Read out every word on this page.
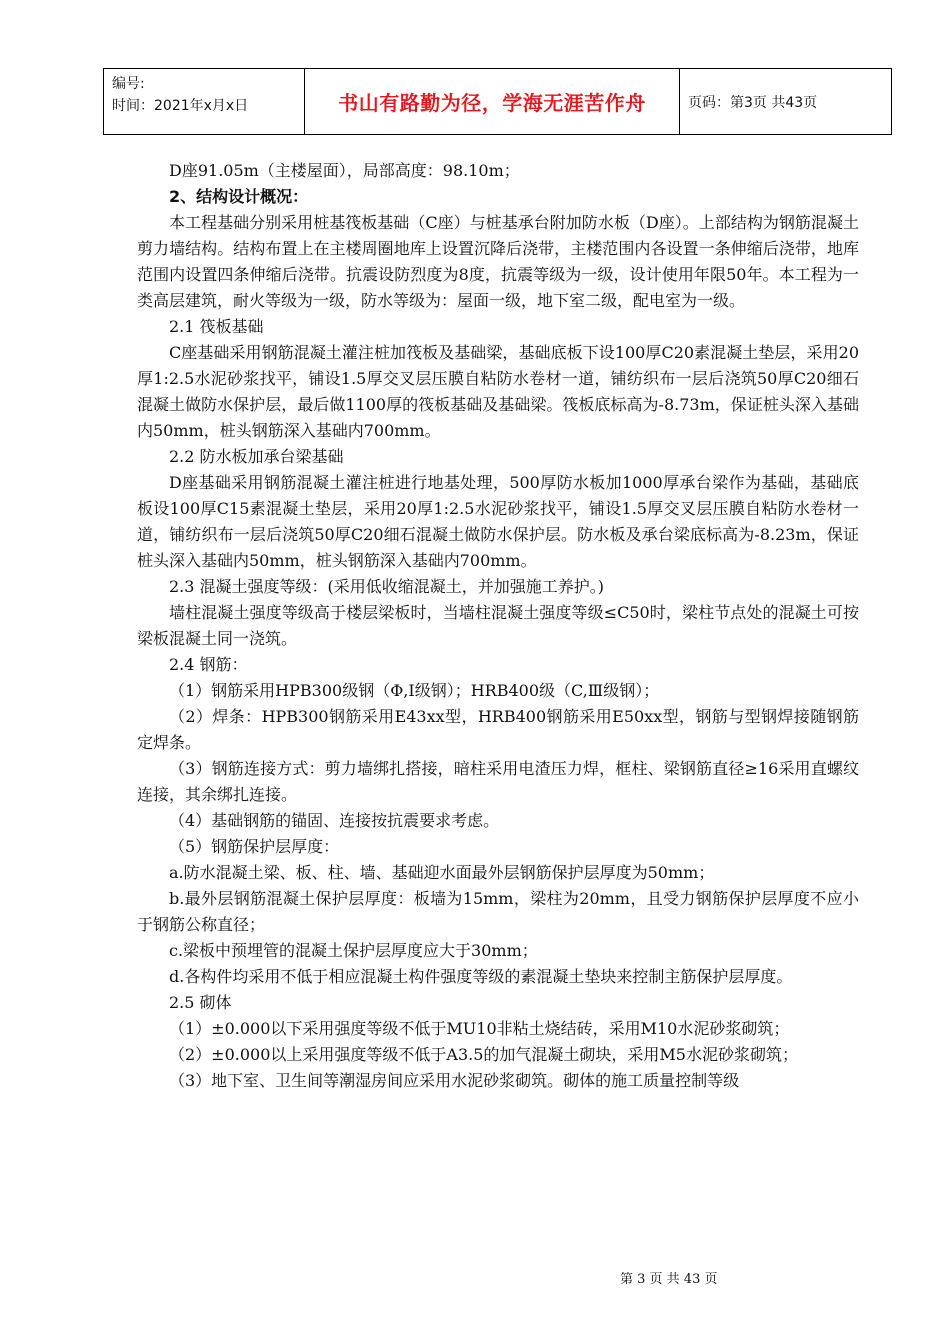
编号:
时间：2021年x月x日	书山有路勤为径，学海无涯苦作舟	页码：第3页 共43页

D座91.05m（主楼屋面），局部高度：98.10m；

2、结构设计概况：

本工程基础分别采用桩基筏板基础（C座）与桩基承台附加防水板（D座）。上部结构为钢筋混凝土剪力墙结构。结构布置上在主楼周圈地库上设置沉降后浇带，主楼范围内各设置一条伸缩后浇带，地库范围内设置四条伸缩后浇带。抗震设防烈度为8度，抗震等级为一级，设计使用年限50年。本工程为一类高层建筑，耐火等级为一级，防水等级为：屋面一级，地下室二级，配电室为一级。

2.1 筏板基础

C座基础采用钢筋混凝土灌注桩加筏板及基础梁，基础底板下设100厚C20素混凝土垫层，采用20厚1:2.5水泥砂浆找平，铺设1.5厚交叉层压膜自粘防水卷材一道，铺纺织布一层后浇筑50厚C20细石混凝土做防水保护层，最后做1100厚的筏板基础及基础梁。筏板底标高为-8.73m，保证桩头深入基础内50mm，桩头钢筋深入基础内700mm。

2.2 防水板加承台梁基础

D座基础采用钢筋混凝土灌注桩进行地基处理，500厚防水板加1000厚承台梁作为基础，基础底板设100厚C15素混凝土垫层，采用20厚1:2.5水泥砂浆找平，铺设1.5厚交叉层压膜自粘防水卷材一道，铺纺织布一层后浇筑50厚C20细石混凝土做防水保护层。防水板及承台梁底标高为-8.23m，保证桩头深入基础内50mm，桩头钢筋深入基础内700mm。

2.3 混凝土强度等级：(采用低收缩混凝土，并加强施工养护。)

墙柱混凝土强度等级高于楼层梁板时，当墙柱混凝土强度等级≤C50时，梁柱节点处的混凝土可按梁板混凝土同一浇筑。

2.4 钢筋：

（1）钢筋采用HPB300级钢（Φ,Ⅰ级钢）；HRB400级（C,Ⅲ级钢）；

（2）焊条：HPB300钢筋采用E43xx型，HRB400钢筋采用E50xx型，钢筋与型钢焊接随钢筋定焊条。

（3）钢筋连接方式：剪力墙绑扎搭接，暗柱采用电渣压力焊，框柱、梁钢筋直径≥16采用直螺纹连接，其余绑扎连接。

（4）基础钢筋的锚固、连接按抗震要求考虑。

（5）钢筋保护层厚度：

a.防水混凝土梁、板、柱、墙、基础迎水面最外层钢筋保护层厚度为50mm；

b.最外层钢筋混凝土保护层厚度：板墙为15mm，梁柱为20mm，且受力钢筋保护层厚度不应小于钢筋公称直径；

c.梁板中预埋管的混凝土保护层厚度应大于30mm；

d.各构件均采用不低于相应混凝土构件强度等级的素混凝土垫块来控制主筋保护层厚度。

2.5 砌体

（1）±0.000以下采用强度等级不低于MU10非粘土烧结砖，采用M10水泥砂浆砌筑；

（2）±0.000以上采用强度等级不低于A3.5的加气混凝土砌块，采用M5水泥砂浆砌筑；

（3）地下室、卫生间等潮湿房间应采用水泥砂浆砌筑。砌体的施工质量控制等级

第 3 页 共 43 页
